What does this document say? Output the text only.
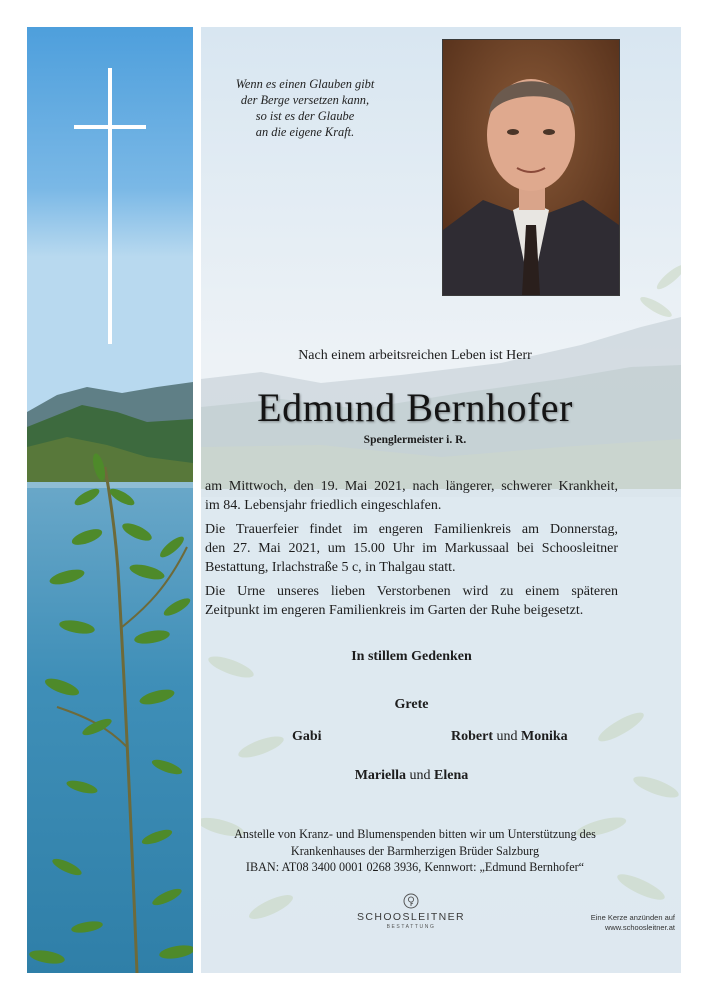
Wenn es einen Glauben gibt
der Berge versetzen kann,
so ist es der Glaube
an die eigene Kraft.
Nach einem arbeitsreichen Leben ist Herr
Edmund Bernhofer
Spenglermeister i. R.
am Mittwoch, den 19. Mai 2021, nach längerer, schwerer Krankheit,
im 84. Lebensjahr friedlich eingeschlafen.
Die Trauerfeier findet im engeren Familienkreis am Donnerstag,
den 27. Mai 2021, um 15.00 Uhr im Markussaal bei Schoosleitner
Bestattung, Irlachstraße 5 c, in Thalgau statt.
Die Urne unseres lieben Verstorbenen wird zu einem späteren
Zeitpunkt im engeren Familienkreis im Garten der Ruhe beigesetzt.
In stillem Gedenken
Grete
Gabi	Robert und Monika
Mariella und Elena
Anstelle von Kranz- und Blumenspenden bitten wir um Unterstützung des
Krankenhauses der Barmherzigen Brüder Salzburg
IBAN: AT08 3400 0001 0268 3936, Kennwort: „Edmund Bernhofer“
SCHOOSLEITNER
BESTATTUNG
Eine Kerze anzünden auf
www.schoosleitner.at
